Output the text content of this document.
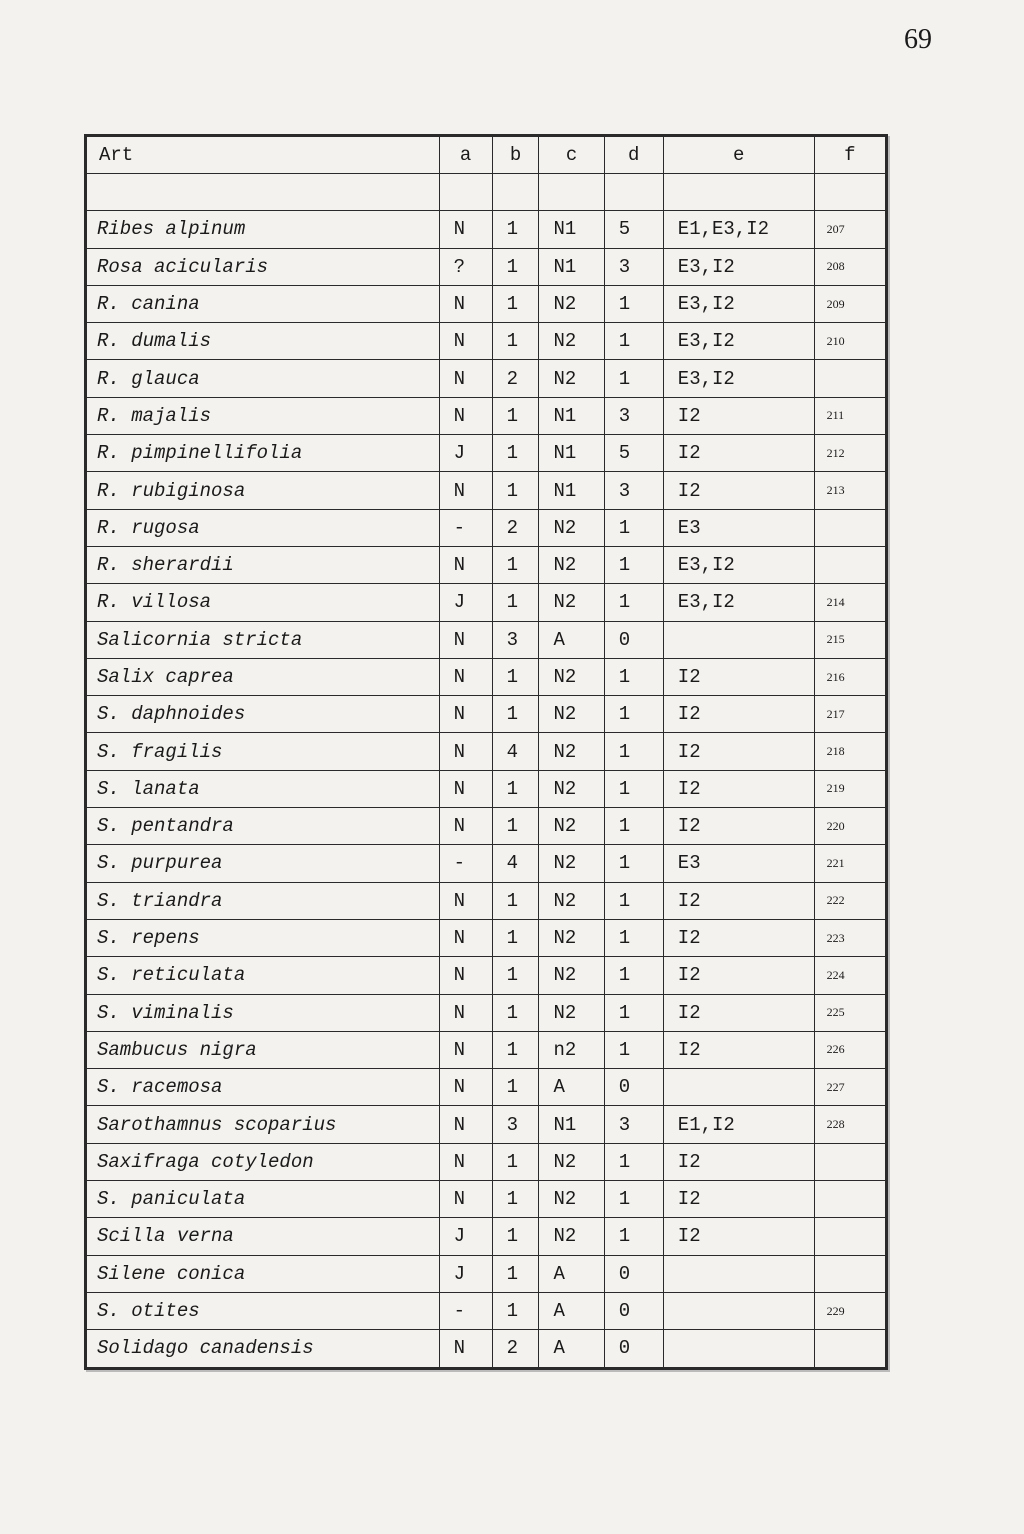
69
Art	a	b	c	d	e	f

Ribes alpinum	N	1	N1	5	E1,E3,I2	207
Rosa acicularis	?	1	N1	3	E3,I2	208
R. canina	N	1	N2	1	E3,I2	209
R. dumalis	N	1	N2	1	E3,I2	210
R. glauca	N	2	N2	1	E3,I2	
R. majalis	N	1	N1	3	I2	211
R. pimpinellifolia	J	1	N1	5	I2	212
R. rubiginosa	N	1	N1	3	I2	213
R. rugosa	-	2	N2	1	E3	
R. sherardii	N	1	N2	1	E3,I2	
R. villosa	J	1	N2	1	E3,I2	214
Salicornia stricta	N	3	A	0		215
Salix caprea	N	1	N2	1	I2	216
S. daphnoides	N	1	N2	1	I2	217
S. fragilis	N	4	N2	1	I2	218
S. lanata	N	1	N2	1	I2	219
S. pentandra	N	1	N2	1	I2	220
S. purpurea	-	4	N2	1	E3	221
S. triandra	N	1	N2	1	I2	222
S. repens	N	1	N2	1	I2	223
S. reticulata	N	1	N2	1	I2	224
S. viminalis	N	1	N2	1	I2	225
Sambucus nigra	N	1	n2	1	I2	226
S. racemosa	N	1	A	0		227
Sarothamnus scoparius	N	3	N1	3	E1,I2	228
Saxifraga cotyledon	N	1	N2	1	I2	
S. paniculata	N	1	N2	1	I2	
Scilla verna	J	1	N2	1	I2	
Silene conica	J	1	A	0		
S. otites	-	1	A	0		229
Solidago canadensis	N	2	A	0		
